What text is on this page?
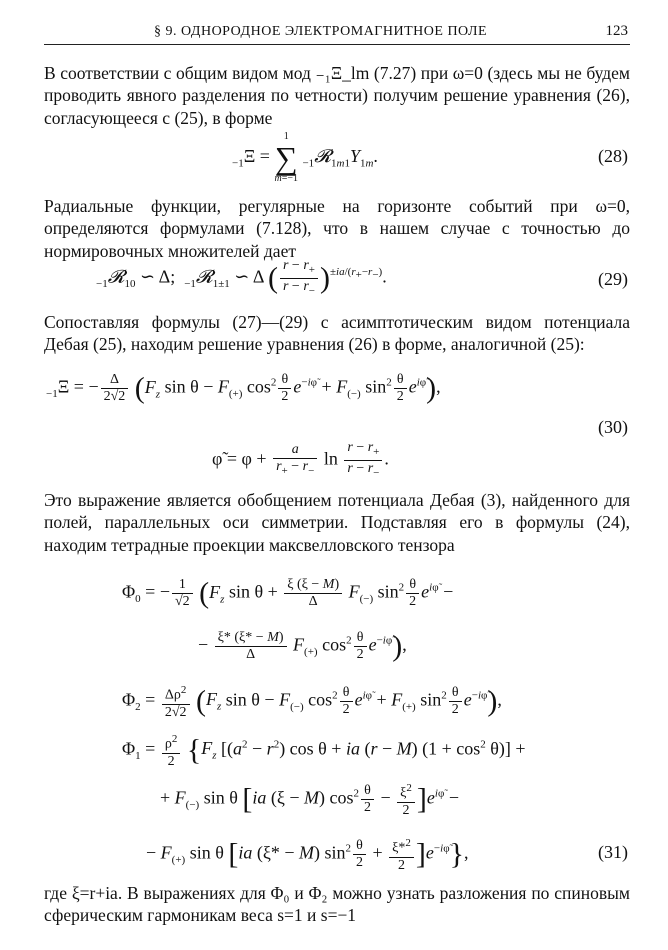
§ 9. ОДНОРОДНОЕ ЭЛЕКТРОМАГНИТНОЕ ПОЛЕ	123
В соответствии с общим видом мод ₋₁Ξ_lm (7.27) при ω=0 (здесь мы не будем проводить явного разделения по четности) получим решение уравнения (26), согласующееся с (25), в форме
$_{-1}$Ξ =
1
∑
m=−1
$_{-1}𝓡_{1m1}Y_{1m}$.	(28)
Радиальные функции, регулярные на горизонте событий при ω=0, определяются формулами (7.128), что в нашем случае с точностью до нормировочных множителей дает
$_{-1}$𝓡$_{10}$ ∽ Δ;  $_{-1}$𝓡$_{1\pm 1}$ ∽ Δ ( $\frac{r - r_+}{r - r_-} )^{\pm ia/(r_+-r_-)}$.	(29)
Сопоставляя формулы (27)—(29) с асимптотическим видом потенциала Дебая (25), находим решение уравнения (26) в форме, аналогичной (25):
$_{-1}$Ξ = − $\frac{\Delta}{2√2} (F_z$ $\sin \theta - F_{(+)}$ $\cos^2 \frac{\theta}{2} e^{-i\varphĩ} + F_{(-)}$ $\sin^2 \frac{\theta}{2} e^{i\varphĩ}$),
(30)
φ̃ = $\varphi + \frac{a}{r_+ - r_-}$ $\ln \frac{r - r_+}{r - r_-}$ .
Это выражение является обобщением потенциала Дебая (3), найденного для полей, параллельных оси симметрии. Подставляя его в формулы (24), находим тетрадные проекции максвелловского тензора
$\Phi_0$ = − $\frac{1}{√2} (F_z$ $\sin \theta + \frac{\xi (\xi - M)}{\Delta} F_{(-)}$ $\sin^2 \frac{\theta}{2} e^{i\varphĩ}$ −
− $\frac{\xi* (\xi* - M)}{\Delta} F_{(+)}$ $\cos^2 \frac{\theta}{2} e^{-i\varphĩ}$),
$\Phi_2 = \frac{\Delta\rho^2}{2√2} (F_z$ $\sin \theta - F_{(-)}$ $\cos^2 \frac{\theta}{2} e^{i\varphĩ} + F_{(+)}$ $\sin^2 \frac{\theta}{2} e^{-i\varphĩ}$),
$\Phi_1 = \frac{\rho^2}{2} \{F_z$ [$(a^2 - r^2)$ cos θ + ia (r − M) $(1 + \cos^2 \theta)$] +
+ $F_{(-)}$ sin θ [ia (ξ − M) $\cos^2 \frac{\theta}{2} - \frac{\xi^2}{2} ]e^{i\varphĩ}$ −
− $F_{(+)}$ sin θ [ia (ξ* − M) $\sin^2 \frac{\theta}{2} + \frac{\xi*^2}{2} ]e^{-i\varphĩ}$},	(31)
где ξ=r+ia. В выражениях для Φ₀ и Φ₂ можно узнать разложения по спиновым сферическим гармоникам веса s=1 и s=−1
